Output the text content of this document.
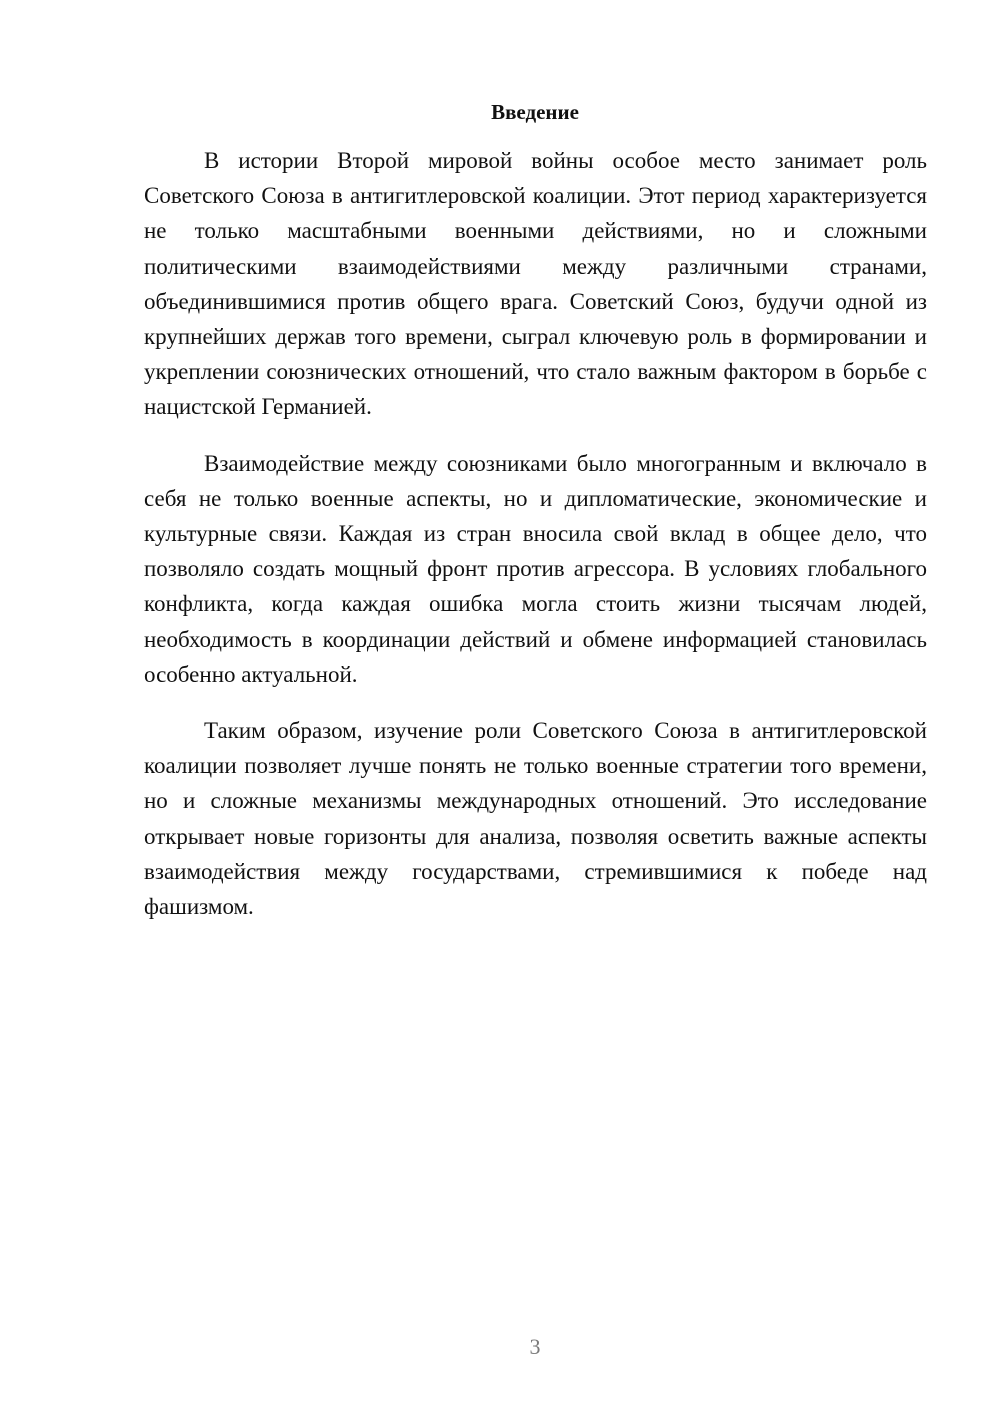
Введение

В истории Второй мировой войны особое место занимает роль Советского Союза в антигитлеровской коалиции. Этот период характеризуется не только масштабными военными действиями, но и сложными политическими взаимодействиями между различными странами, объединившимися против общего врага. Советский Союз, будучи одной из крупнейших держав того времени, сыграл ключевую роль в формировании и укреплении союзнических отношений, что стало важным фактором в борьбе с нацистской Германией.

Взаимодействие между союзниками было многогранным и включало в себя не только военные аспекты, но и дипломатические, экономические и культурные связи. Каждая из стран вносила свой вклад в общее дело, что позволяло создать мощный фронт против агрессора. В условиях глобального конфликта, когда каждая ошибка могла стоить жизни тысячам людей, необходимость в координации действий и обмене информацией становилась особенно актуальной.

Таким образом, изучение роли Советского Союза в антигитлеровской коалиции позволяет лучше понять не только военные стратегии того времени, но и сложные механизмы международных отношений. Это исследование открывает новые горизонты для анализа, позволяя осветить важные аспекты взаимодействия между государствами, стремившимися к победе над фашизмом.

3
